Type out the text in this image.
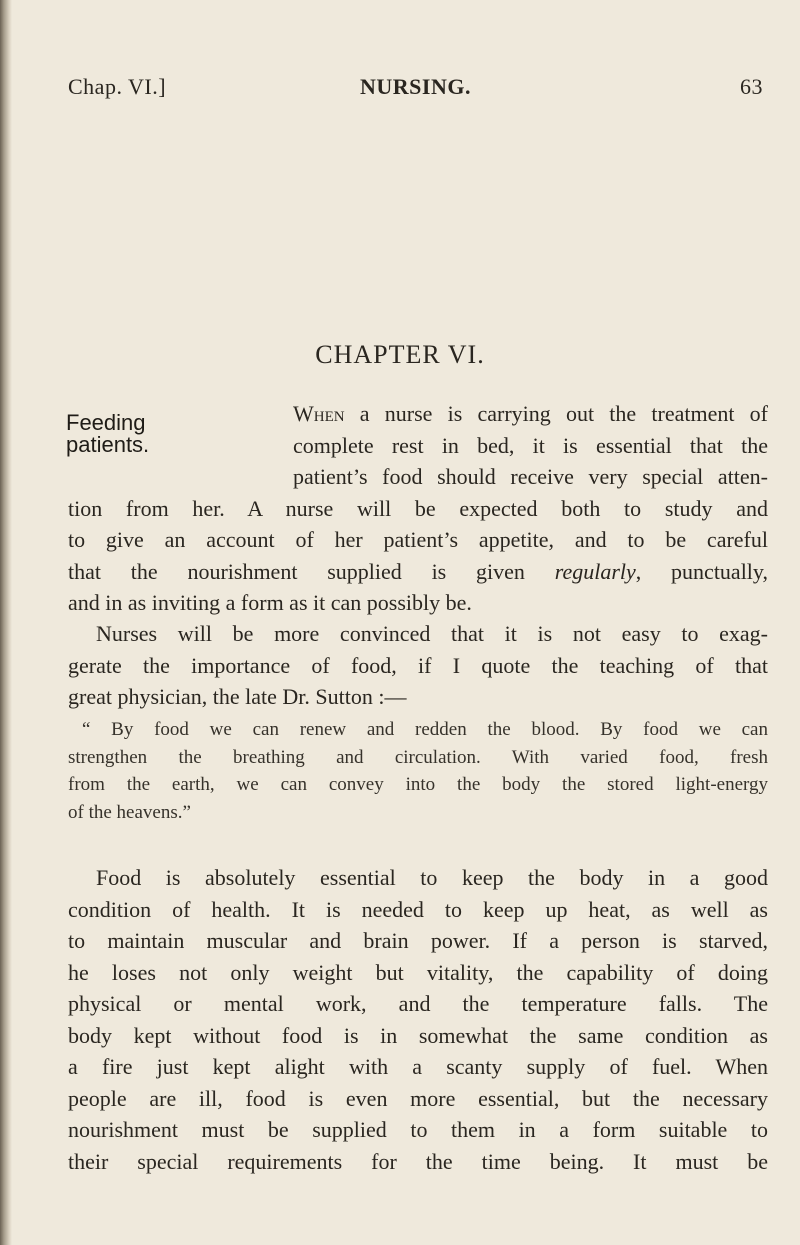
Chap. VI.]	NURSING.	63
CHAPTER VI.
Feeding
patients.

When a nurse is carrying out the treatment of
complete rest in bed, it is essential that the
patient’s food should receive very special atten-
tion from her. A nurse will be expected both to study and
to give an account of her patient’s appetite, and to be careful
that the nourishment supplied is given regularly, punctually,
and in as inviting a form as it can possibly be.

Nurses will be more convinced that it is not easy to exag-
gerate the importance of food, if I quote the teaching of that
great physician, the late Dr. Sutton :—

“ By food we can renew and redden the blood. By food we can
strengthen the breathing and circulation. With varied food, fresh
from the earth, we can convey into the body the stored light-energy
of the heavens.”

Food is absolutely essential to keep the body in a good
condition of health. It is needed to keep up heat, as well as
to maintain muscular and brain power. If a person is starved,
he loses not only weight but vitality, the capability of doing
physical or mental work, and the temperature falls. The
body kept without food is in somewhat the same condition as
a fire just kept alight with a scanty supply of fuel. When
people are ill, food is even more essential, but the necessary
nourishment must be supplied to them in a form suitable to
their special requirements for the time being. It must be
